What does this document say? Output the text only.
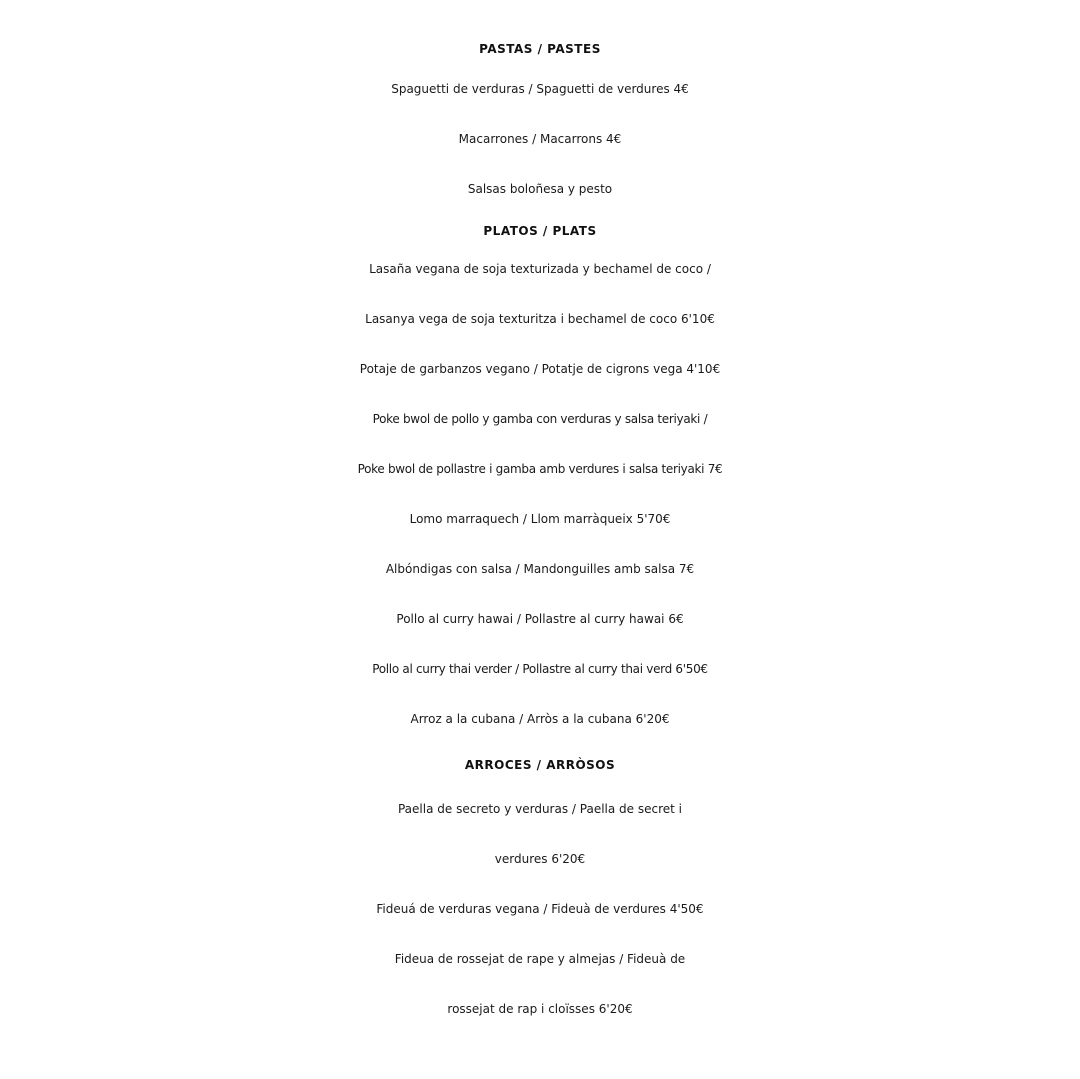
PASTAS / PASTES
Spaguetti de verduras / Spaguetti de verdures 4€
Macarrones / Macarrons 4€
Salsas boloñesa y pesto
PLATOS / PLATS
Lasaña vegana de soja texturizada y bechamel de coco /
Lasanya vega de soja texturitza i bechamel de coco 6'10€
Potaje de garbanzos vegano / Potatje de cigrons vega 4'10€
Poke bwol de pollo y gamba con verduras y salsa teriyaki /
Poke bwol de pollastre i gamba amb verdures i salsa teriyaki 7€
Lomo marraquech / Llom marràqueix 5'70€
Albóndigas con salsa / Mandonguilles amb salsa 7€
Pollo al curry hawai / Pollastre al curry hawai 6€
Pollo al curry thai verder / Pollastre al curry thai verd 6'50€
Arroz a la cubana / Arròs a la cubana 6'20€
ARROCES / ARRÒSOS
Paella de secreto y verduras / Paella de secret i
verdures 6'20€
Fideuá de verduras vegana / Fideuà de verdures 4'50€
Fideua de rossejat de rape y almejas / Fideuà de
rossejat de rap i cloïsses 6'20€
